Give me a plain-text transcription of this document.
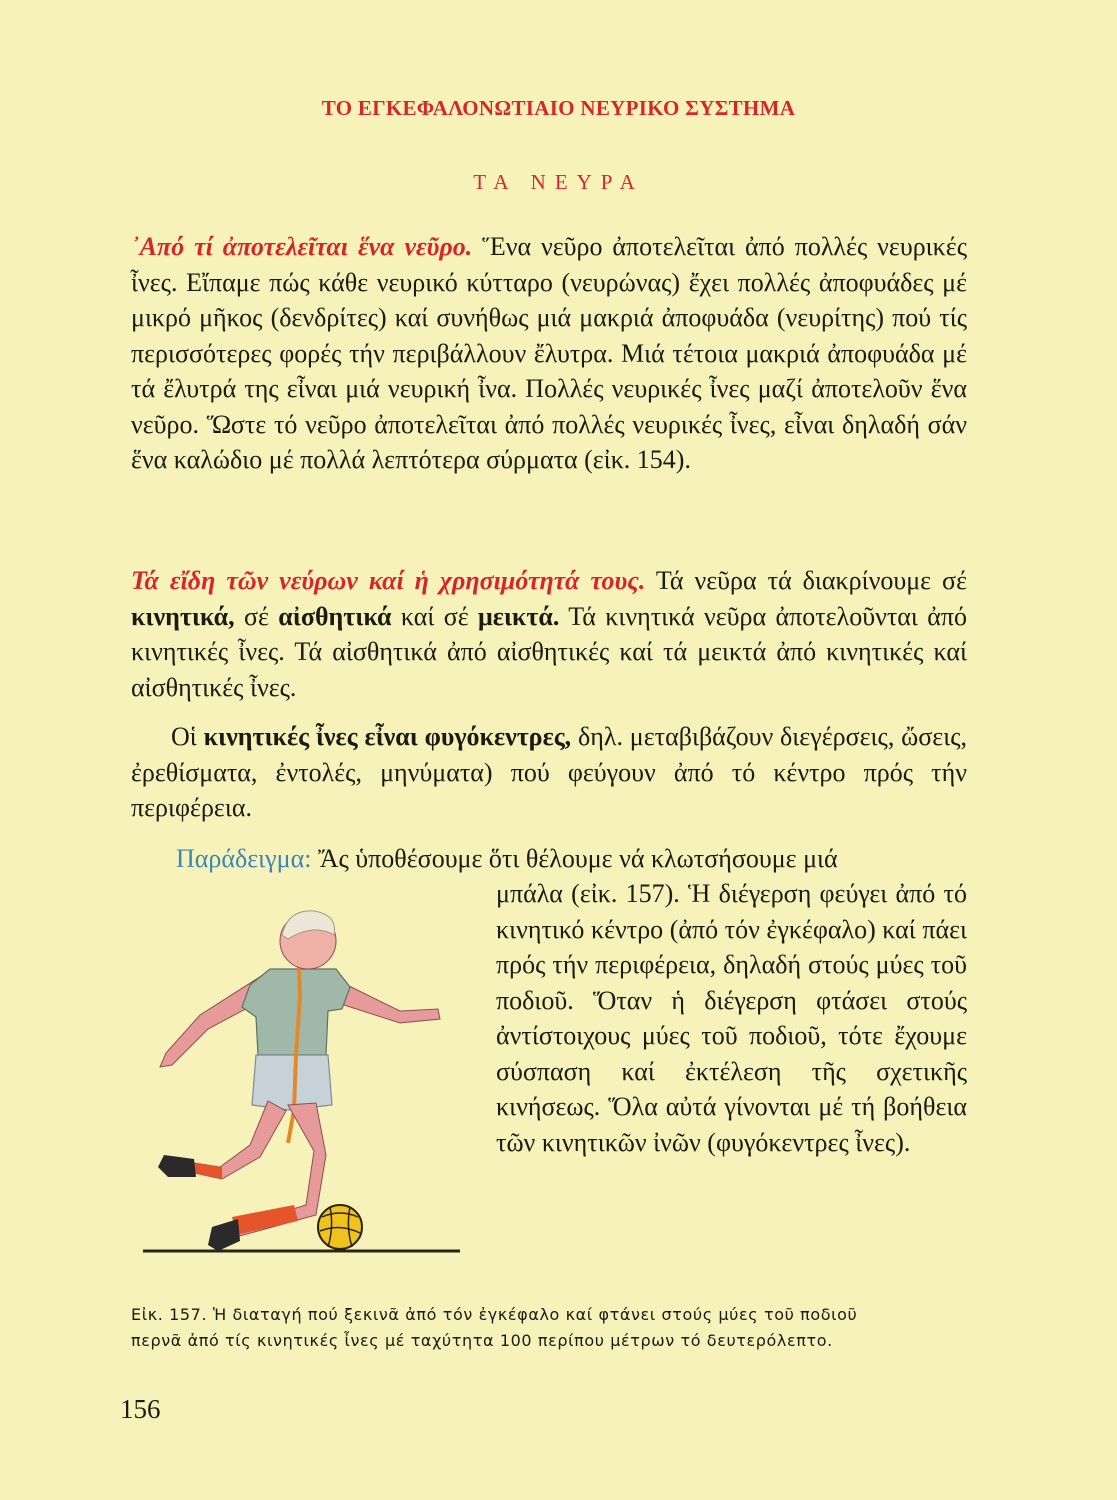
ΤΟ ΕΓΚΕΦΑΛΟΝΩΤΙΑΙΟ ΝΕΥΡΙΚΟ ΣΥΣΤΗΜΑ
ΤΑ ΝΕΥΡΑ

᾿Από τί ἀποτελεῖται ἕνα νεῦρο. Ἕνα νεῦρο ἀποτελεῖται ἀπό πολλές νευρικές ἶνες. Εἴπαμε πώς κάθε νευρικό κύτταρο (νευρώνας) ἔχει πολλές ἀποφυάδες μέ μικρό μῆκος (δενδρίτες) καί συνήθως μιά μακριά ἀποφυάδα (νευρίτης) πού τίς περισσότερες φορές τήν περιβάλλουν ἔλυτρα. Μιά τέτοια μακριά ἀποφυάδα μέ τά ἔλυτρά της εἶναι μιά νευρική ἶνα. Πολλές νευρικές ἶνες μαζί ἀποτελοῦν ἕνα νεῦρο. Ὥστε τό νεῦρο ἀποτελεῖται ἀπό πολλές νευρικές ἶνες, εἶναι δηλαδή σάν ἕνα καλώδιο μέ πολλά λεπτότερα σύρματα (εἰκ. 154).

Τά εἴδη τῶν νεύρων καί ἡ χρησιμότητά τους. Τά νεῦρα τά διακρίνουμε σέ κινητικά, σέ αἰσθητικά καί σέ μεικτά. Τά κινητικά νεῦρα ἀποτελοῦνται ἀπό κινητικές ἶνες. Τά αἰσθητικά ἀπό αἰσθητικές καί τά μεικτά ἀπό κινητικές καί αἰσθητικές ἶνες.

Οἱ κινητικές ἶνες εἶναι φυγόκεντρες, δηλ. μεταβιβάζουν διεγέρσεις, ὤσεις, ἐρεθίσματα, ἐντολές, μηνύματα) πού φεύγουν ἀπό τό κέντρο πρός τήν περιφέρεια.

Παράδειγμα: Ἄς ὑποθέσουμε ὅτι θέλουμε νά κλωτσήσουμε μιά

μπάλα (εἰκ. 157). Ἡ διέγερση φεύγει ἀπό τό κινητικό κέντρο (ἀπό τόν ἐγκέφαλο) καί πάει πρός τήν περιφέρεια, δηλαδή στούς μύες τοῦ ποδιοῦ. Ὅταν ἡ διέγερση φτάσει στούς ἀντίστοιχους μύες τοῦ ποδιοῦ, τότε ἔχουμε σύσπαση καί ἐκτέλεση τῆς σχετικῆς κινήσεως. Ὅλα αὐτά γίνονται μέ τή βοήθεια τῶν κινητικῶν ἰνῶν (φυγόκεντρες ἶνες).
Εἰκ. 157. Ἡ διαταγή πού ξεκινᾶ ἀπό τόν ἐγκέφαλο καί φτάνει στούς μύες τοῦ ποδιοῦ
περνᾶ ἀπό τίς κινητικές ἶνες μέ ταχύτητα 100 περίπου μέτρων τό δευτερόλεπτο.
156
